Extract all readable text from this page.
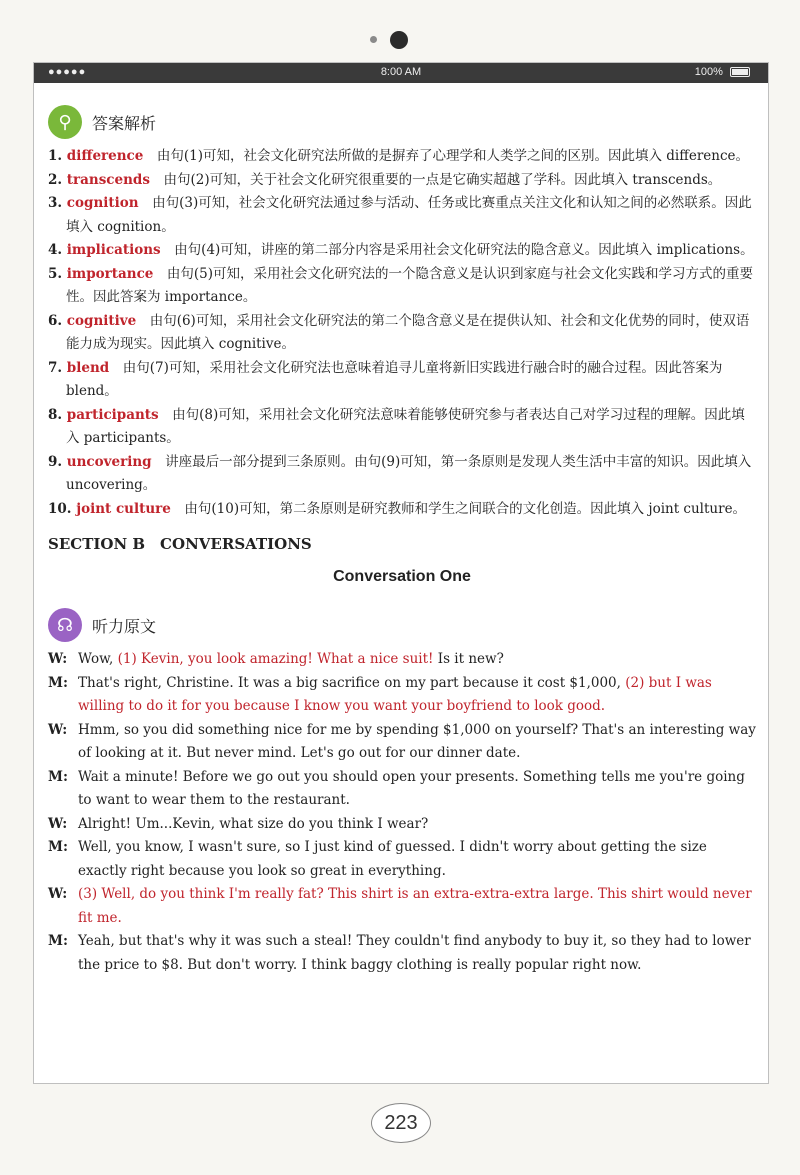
●●●●●	8:00 AM	100%
⚲	答案解析

1. difference　由句(1)可知，社会文化研究法所做的是摒弃了心理学和人类学之间的区别。因此填入 difference。

2. transcends　由句(2)可知，关于社会文化研究很重要的一点是它确实超越了学科。因此填入 transcends。

3. cognition　由句(3)可知，社会文化研究法通过参与活动、任务或比赛重点关注文化和认知之间的必然联系。因此填入 cognition。

4. implications　由句(4)可知，讲座的第二部分内容是采用社会文化研究法的隐含意义。因此填入 implications。

5. importance　由句(5)可知，采用社会文化研究法的一个隐含意义是认识到家庭与社会文化实践和学习方式的重要性。因此答案为 importance。

6. cognitive　由句(6)可知，采用社会文化研究法的第二个隐含意义是在提供认知、社会和文化优势的同时，使双语能力成为现实。因此填入 cognitive。

7. blend　由句(7)可知，采用社会文化研究法也意味着追寻儿童将新旧实践进行融合时的融合过程。因此答案为 blend。

8. participants　由句(8)可知，采用社会文化研究法意味着能够使研究参与者表达自己对学习过程的理解。因此填入 participants。

9. uncovering　讲座最后一部分提到三条原则。由句(9)可知，第一条原则是发现人类生活中丰富的知识。因此填入 uncovering。

10. joint culture　由句(10)可知，第二条原则是研究教师和学生之间联合的文化创造。因此填入 joint culture。

SECTION B　CONVERSATIONS
Conversation One
☊	听力原文

W: Wow, (1) Kevin, you look amazing! What a nice suit! Is it new?

M: That's right, Christine. It was a big sacrifice on my part because it cost $1,000, (2) but I was willing to do it for you because I know you want your boyfriend to look good.

W: Hmm, so you did something nice for me by spending $1,000 on yourself? That's an interesting way of looking at it. But never mind. Let's go out for our dinner date.

M: Wait a minute! Before we go out you should open your presents. Something tells me you're going to want to wear them to the restaurant.

W: Alright! Um...Kevin, what size do you think I wear?

M: Well, you know, I wasn't sure, so I just kind of guessed. I didn't worry about getting the size exactly right because you look so great in everything.

W: (3) Well, do you think I'm really fat? This shirt is an extra-extra-extra large. This shirt would never fit me.

M: Yeah, but that's why it was such a steal! They couldn't find anybody to buy it, so they had to lower the price to $8. But don't worry. I think baggy clothing is really popular right now.

223
